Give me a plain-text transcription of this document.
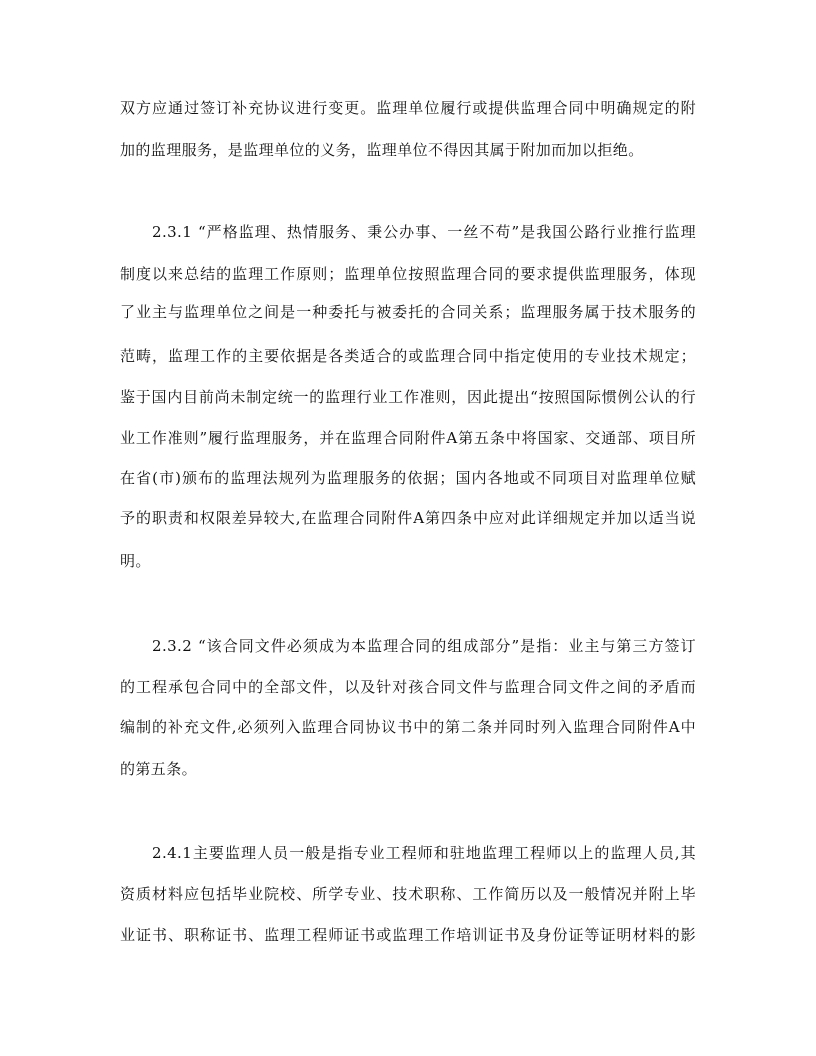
双方应通过签订补充协议进行变更。监理单位履行或提供监理合同中明确规定的附
加的监理服务，是监理单位的义务，监理单位不得因其属于附加而加以拒绝。
2.3.1 “严格监理、热情服务、秉公办事、一丝不苟”是我国公路行业推行监理
制度以来总结的监理工作原则；监理单位按照监理合同的要求提供监理服务，体现
了业主与监理单位之间是一种委托与被委托的合同关系；监理服务属于技术服务的
范畴，监理工作的主要依据是各类适合的或监理合同中指定使用的专业技术规定；
鉴于国内目前尚未制定统一的监理行业工作准则，因此提出“按照国际惯例公认的行
业工作准则”履行监理服务，并在监理合同附件A第五条中将国家、交通部、项目所
在省(市)颁布的监理法规列为监理服务的依据；国内各地或不同项目对监理单位赋
予的职责和权限差异较大,在监理合同附件A第四条中应对此详细规定并加以适当说
明。
2.3.2 “该合同文件必须成为本监理合同的组成部分”是指：业主与第三方签订
的工程承包合同中的全部文件，以及针对孩合同文件与监理合同文件之间的矛盾而
编制的补充文件,必须列入监理合同协议书中的第二条并同时列入监理合同附件A中
的第五条。
2.4.1主要监理人员一般是指专业工程师和驻地监理工程师以上的监理人员,其
资质材料应包括毕业院校、所学专业、技术职称、工作简历以及一般情况并附上毕
业证书、职称证书、监理工程师证书或监理工作培训证书及身份证等证明材料的影
